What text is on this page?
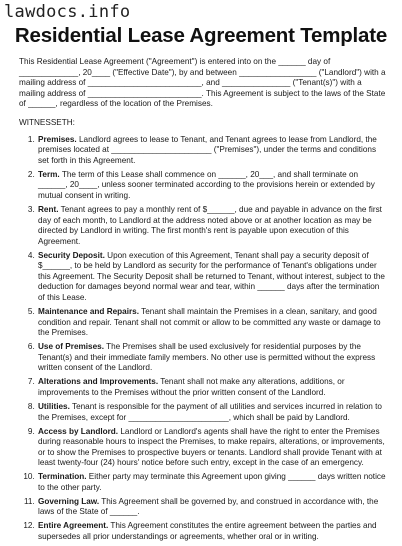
lawdocs.info
Residential Lease Agreement Template

This Residential Lease Agreement ("Agreement") is entered into on the ______ day of _____________, 20____ ("Effective Date"), by and between _________________ ("Landlord") with a mailing address of _________________________, and _______________ ("Tenant(s)") with a mailing address of _________________________. This Agreement is subject to the laws of the State of ______, regardless of the location of the Premises.

WITNESSETH:

1. Premises. Landlord agrees to lease to Tenant, and Tenant agrees to lease from Landlord, the premises located at ______________________ ("Premises"), under the terms and conditions set forth in this Agreement.
2. Term. The term of this Lease shall commence on ______, 20___, and shall terminate on ______, 20____, unless sooner terminated according to the provisions herein or extended by mutual consent in writing.
3. Rent. Tenant agrees to pay a monthly rent of $______, due and payable in advance on the first day of each month, to Landlord at the address noted above or at another location as may be directed by Landlord in writing. The first month's rent is payable upon execution of this Agreement.
4. Security Deposit. Upon execution of this Agreement, Tenant shall pay a security deposit of $______, to be held by Landlord as security for the performance of Tenant's obligations under this Agreement. The Security Deposit shall be returned to Tenant, without interest, subject to the deduction for damages beyond normal wear and tear, within ______ days after the termination of this Lease.
5. Maintenance and Repairs. Tenant shall maintain the Premises in a clean, sanitary, and good condition and repair. Tenant shall not commit or allow to be committed any waste or damage to the Premises.
6. Use of Premises. The Premises shall be used exclusively for residential purposes by the Tenant(s) and their immediate family members. No other use is permitted without the express written consent of the Landlord.
7. Alterations and Improvements. Tenant shall not make any alterations, additions, or improvements to the Premises without the prior written consent of the Landlord.
8. Utilities. Tenant is responsible for the payment of all utilities and services incurred in relation to the Premises, except for ______________________, which shall be paid by Landlord.
9. Access by Landlord. Landlord or Landlord's agents shall have the right to enter the Premises during reasonable hours to inspect the Premises, to make repairs, alterations, or improvements, or to show the Premises to prospective buyers or tenants. Landlord shall provide Tenant with at least twenty-four (24) hours' notice before such entry, except in the case of an emergency.
10. Termination. Either party may terminate this Agreement upon giving ______ days written notice to the other party.
11. Governing Law. This Agreement shall be governed by, and construed in accordance with, the laws of the State of ______.
12. Entire Agreement. This Agreement constitutes the entire agreement between the parties and supersedes all prior understandings or agreements, whether oral or in writing.
